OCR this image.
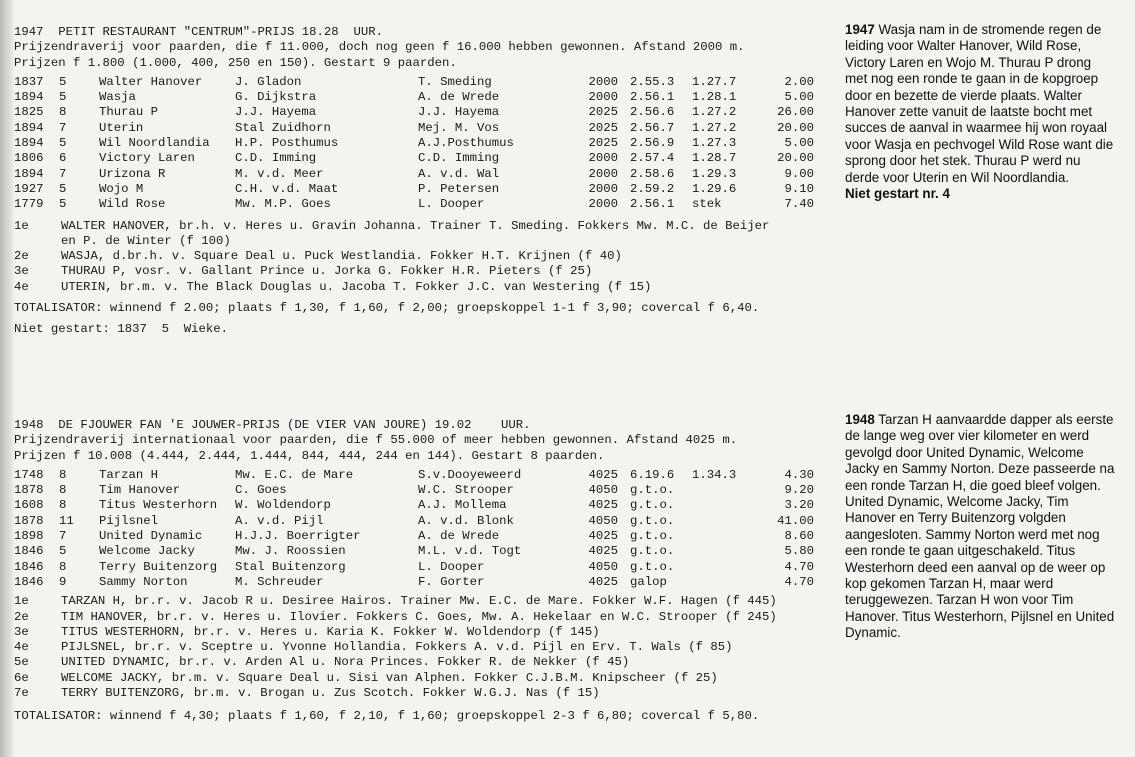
1947  PETIT RESTAURANT "CENTRUM"-PRIJS 18.28  UUR.
Prijzendraverij voor paarden, die f 11.000, doch nog geen f 16.000 hebben gewonnen. Afstand 2000 m.
Prijzen f 1.800 (1.000, 400, 250 en 150). Gestart 9 paarden.
1837	5	Walter Hanover	J. Gladon	T. Smeding	2000	2.55.3	1.27.7	2.00
1894	5	Wasja	G. Dijkstra	A. de Wrede	2000	2.56.1	1.28.1	5.00
1825	8	Thurau P	J.J. Hayema	J.J. Hayema	2025	2.56.6	1.27.2	26.00
1894	7	Uterin	Stal Zuidhorn	Mej. M. Vos	2025	2.56.7	1.27.2	20.00
1894	5	Wil Noordlandia	H.P. Posthumus	A.J.Posthumus	2025	2.56.9	1.27.3	5.00
1806	6	Victory Laren	C.D. Imming	C.D. Imming	2000	2.57.4	1.28.7	20.00
1894	7	Urizona R	M. v.d. Meer	A. v.d. Wal	2000	2.58.6	1.29.3	9.00
1927	5	Wojo M	C.H. v.d. Maat	P. Petersen	2000	2.59.2	1.29.6	9.10
1779	5	Wild Rose	Mw. M.P. Goes	L. Dooper	2000	2.56.1	stek	7.40
1e	WALTER HANOVER, br.h. v. Heres u. Gravin Johanna. Trainer T. Smeding. Fokkers Mw. M.C. de Beijer
en P. de Winter (f 100)
2e	WASJA, d.br.h. v. Square Deal u. Puck Westlandia. Fokker H.T. Krijnen (f 40)
3e	THURAU P, vosr. v. Gallant Prince u. Jorka G. Fokker H.R. Pieters (f 25)
4e	UTERIN, br.m. v. The Black Douglas u. Jacoba T. Fokker J.C. van Westering (f 15)
TOTALISATOR: winnend f 2.00; plaats f 1,30, f 1,60, f 2,00; groepskoppel 1-1 f 3,90; covercal f 6,40.
Niet gestart: 1837  5  Wieke.
1948  DE FJOUWER FAN 'E JOUWER-PRIJS (DE VIER VAN JOURE) 19.02    UUR.
Prijzendraverij internationaal voor paarden, die f 55.000 of meer hebben gewonnen. Afstand 4025 m.
Prijzen f 10.008 (4.444, 2.444, 1.444, 844, 444, 244 en 144). Gestart 8 paarden.
1748	8	Tarzan H	Mw. E.C. de Mare	S.v.Dooyeweerd	4025	6.19.6	1.34.3	4.30
1878	8	Tim Hanover	C. Goes	W.C. Strooper	4050	g.t.o.		9.20
1608	8	Titus Westerhorn	W. Woldendorp	A.J. Mollema	4025	g.t.o.		3.20
1878	11	Pijlsnel	A. v.d. Pijl	A. v.d. Blonk	4050	g.t.o.		41.00
1898	7	United Dynamic	H.J.J. Boerrigter	A. de Wrede	4025	g.t.o.		8.60
1846	5	Welcome Jacky	Mw. J. Roossien	M.L. v.d. Togt	4025	g.t.o.		5.80
1846	8	Terry Buitenzorg	Stal Buitenzorg	L. Dooper	4050	g.t.o.		4.70
1846	9	Sammy Norton	M. Schreuder	F. Gorter	4025	galop		4.70
1e	TARZAN H, br.r. v. Jacob R u. Desiree Hairos. Trainer Mw. E.C. de Mare. Fokker W.F. Hagen (f 445)
2e	TIM HANOVER, br.r. v. Heres u. Ilovier. Fokkers C. Goes, Mw. A. Hekelaar en W.C. Strooper (f 245)
3e	TITUS WESTERHORN, br.r. v. Heres u. Karia K. Fokker W. Woldendorp (f 145)
4e	PIJLSNEL, br.r. v. Sceptre u. Yvonne Hollandia. Fokkers A. v.d. Pijl en Erv. T. Wals (f 85)
5e	UNITED DYNAMIC, br.r. v. Arden Al u. Nora Princes. Fokker R. de Nekker (f 45)
6e	WELCOME JACKY, br.m. v. Square Deal u. Sisi van Alphen. Fokker C.J.B.M. Knipscheer (f 25)
7e	TERRY BUITENZORG, br.m. v. Brogan u. Zus Scotch. Fokker W.G.J. Nas (f 15)
TOTALISATOR: winnend f 4,30; plaats f 1,60, f 2,10, f 1,60; groepskoppel 2-3 f 6,80; covercal f 5,80.
1947 Wasja nam in de stromende regen de leiding voor Walter Hanover, Wild Rose, Victory Laren en Wojo M. Thurau P drong met nog een ronde te gaan in de kopgroep door en bezette de vierde plaats. Walter Hanover zette vanuit de laatste bocht met succes de aanval in waarmee hij won royaal voor Wasja en pechvogel Wild Rose want die sprong door het stek. Thurau P werd nu derde voor Uterin en Wil Noordlandia.
Niet gestart nr. 4
1948 Tarzan H aanvaardde dapper als eerste de lange weg over vier kilometer en werd gevolgd door United Dynamic, Welcome Jacky en Sammy Norton. Deze passeerde na een ronde Tarzan H, die goed bleef volgen. United Dynamic, Welcome Jacky, Tim Hanover en Terry Buitenzorg volgden aangesloten. Sammy Norton werd met nog een ronde te gaan uitgeschakeld. Titus Westerhorn deed een aanval op de weer op kop gekomen Tarzan H, maar werd teruggewezen. Tarzan H won voor Tim Hanover. Titus Westerhorn, Pijlsnel en United Dynamic.
